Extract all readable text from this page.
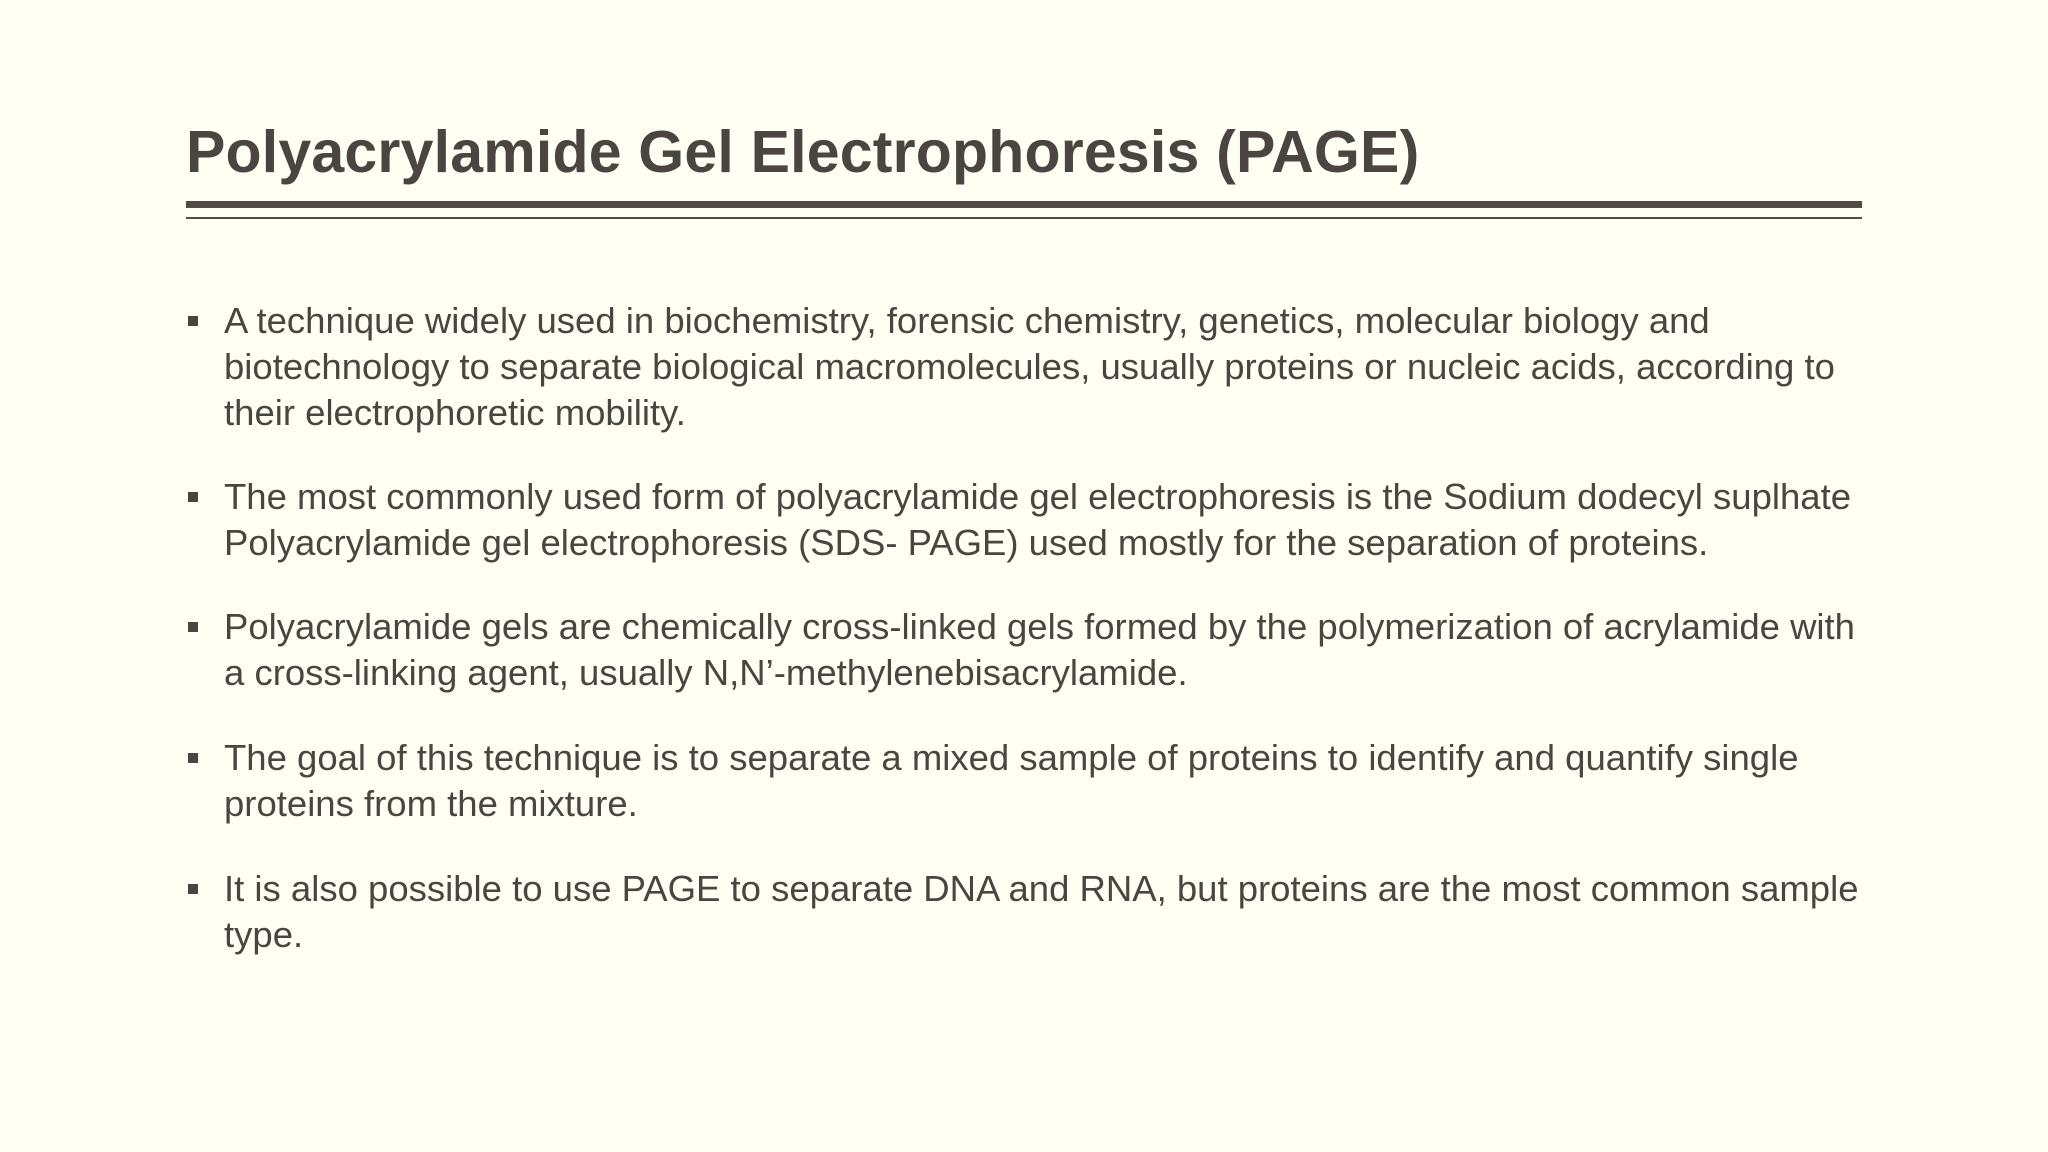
Polyacrylamide Gel Electrophoresis (PAGE)
A technique widely used in biochemistry, forensic chemistry, genetics, molecular biology and biotechnology to separate biological macromolecules, usually proteins or nucleic acids, according to their electrophoretic mobility.
The most commonly used form of polyacrylamide gel electrophoresis is the Sodium dodecyl suplhate Polyacrylamide gel electrophoresis (SDS- PAGE) used mostly for the separation of proteins.
Polyacrylamide gels are chemically cross-linked gels formed by the polymerization of acrylamide with a cross-linking agent, usually N,N’-methylenebisacrylamide.
The goal of this technique is to separate a mixed sample of proteins to identify and quantify single proteins from the mixture.
It is also possible to use PAGE to separate DNA and RNA, but proteins are the most common sample type.
